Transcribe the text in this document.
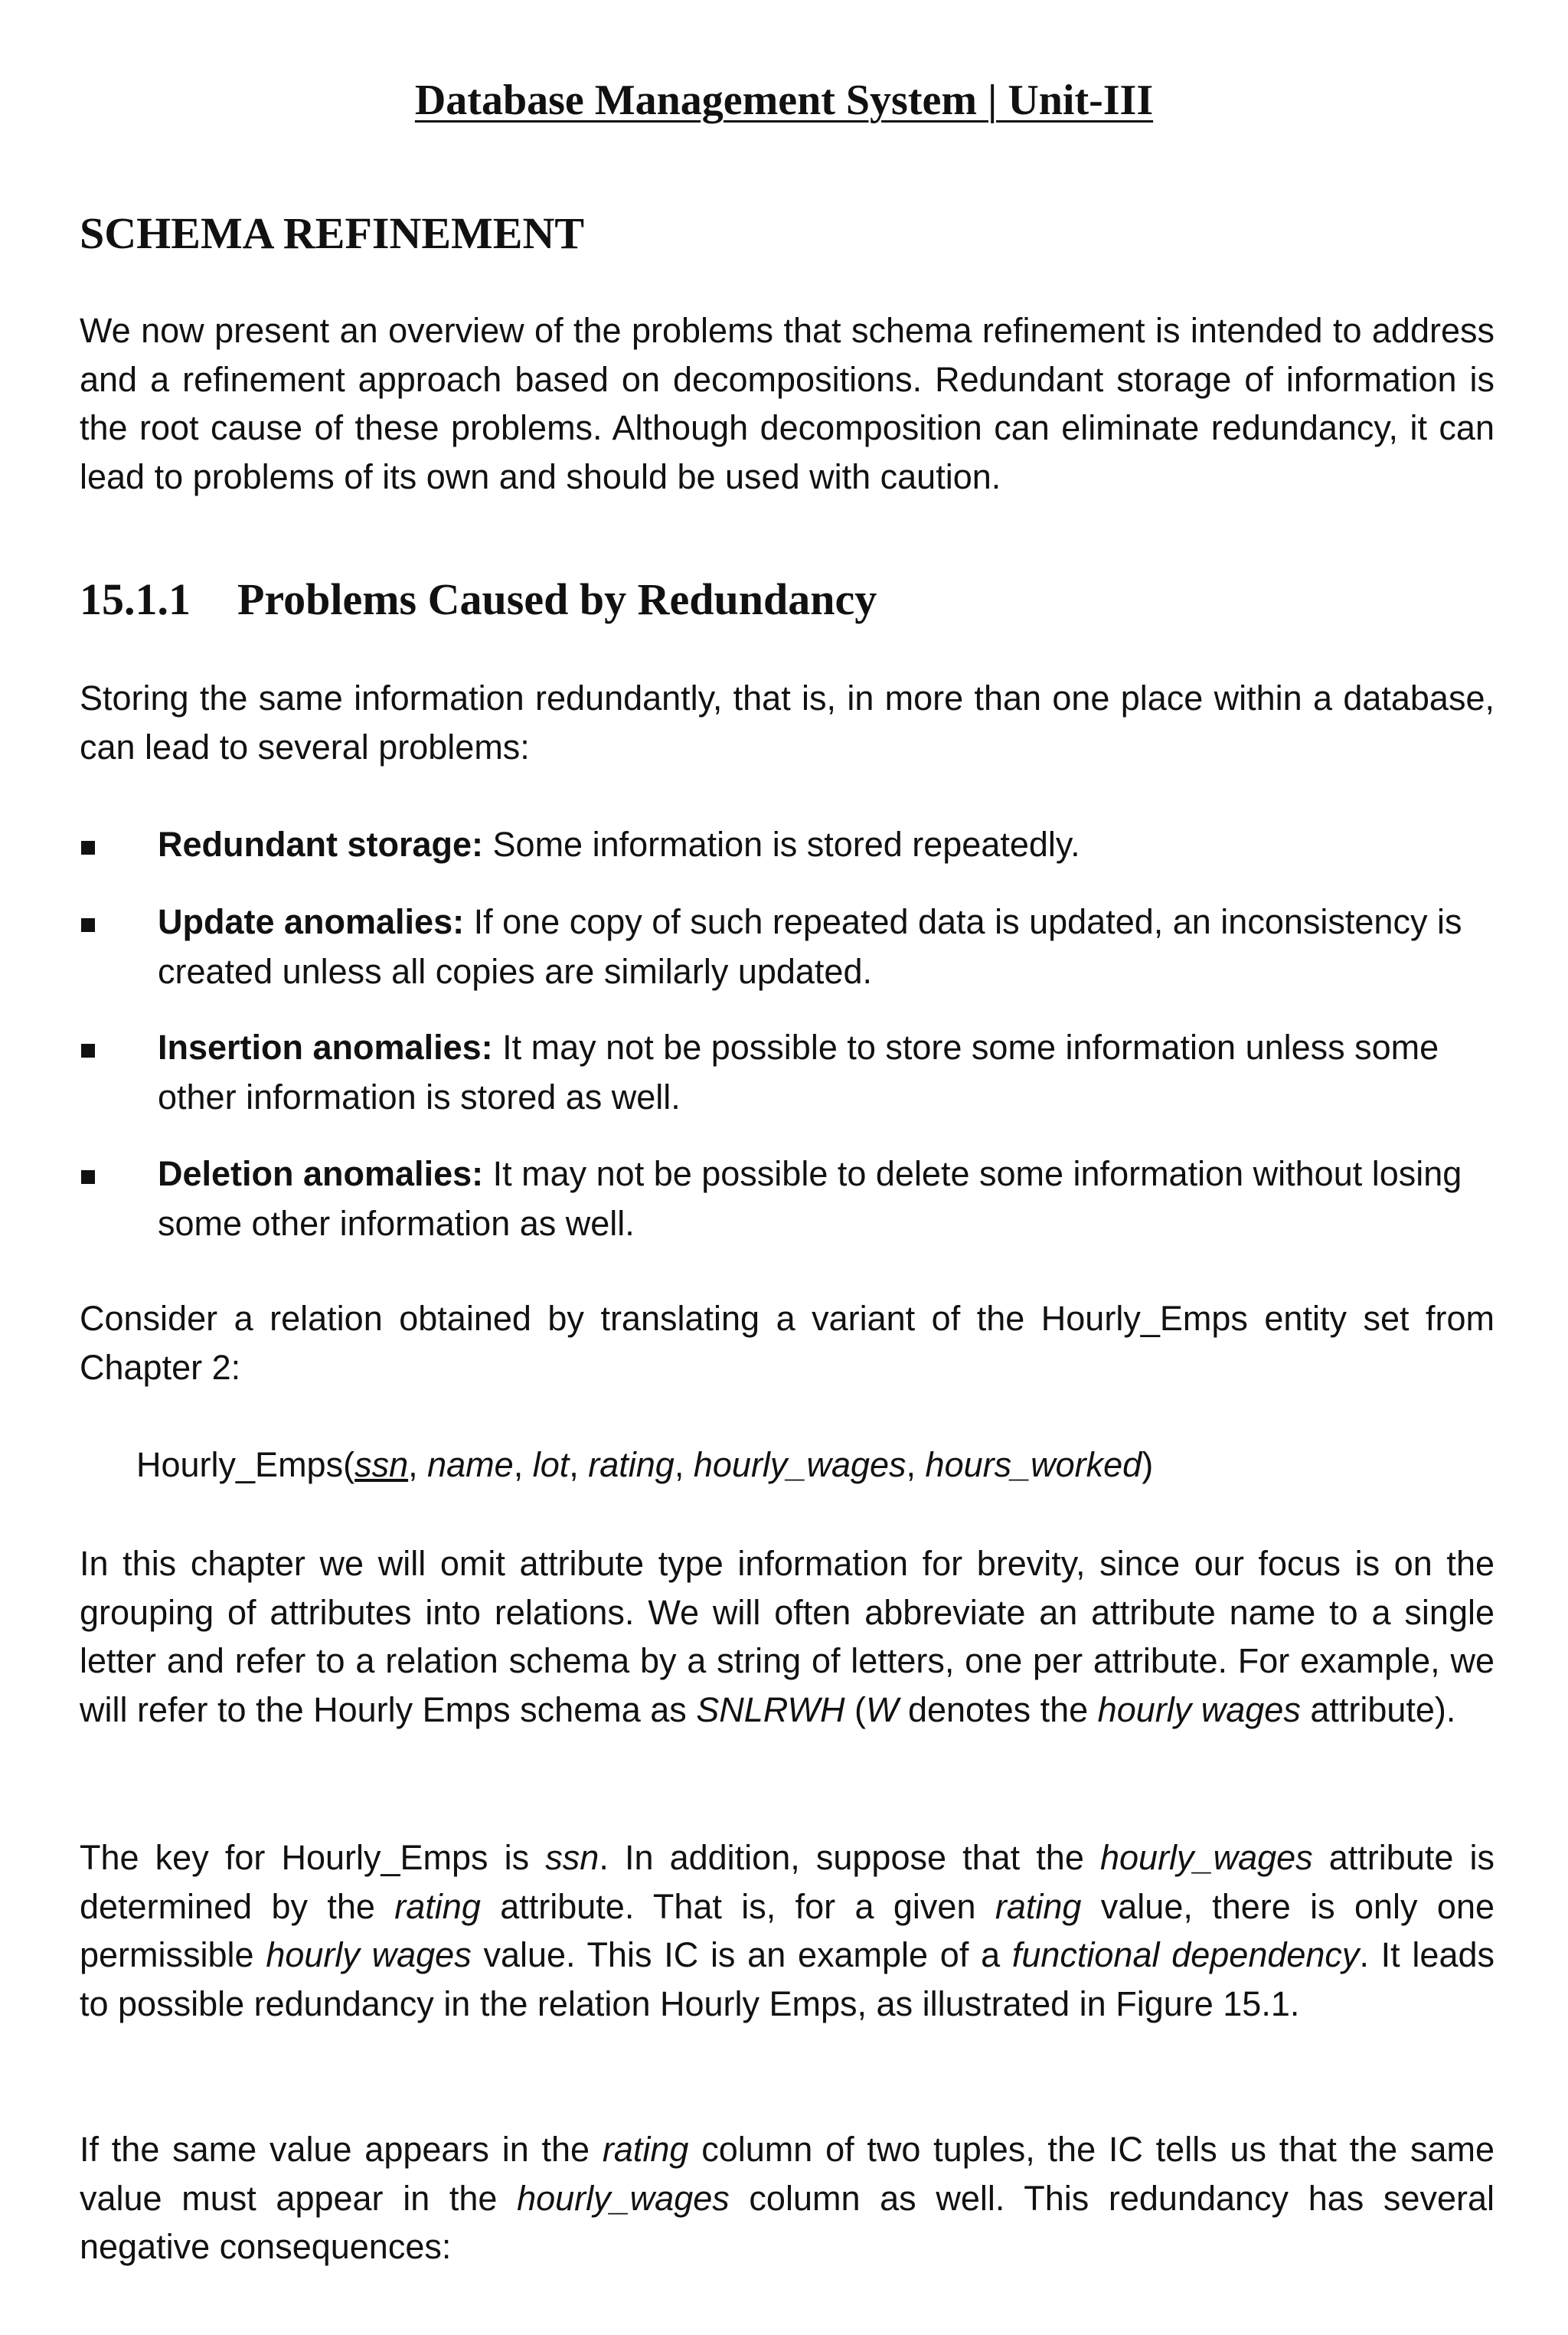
Database Management System | Unit-III
SCHEMA REFINEMENT

We now present an overview of the problems that schema refinement is intended to address and a refinement approach based on decompositions. Redundant storage of information is the root cause of these problems. Although decomposition can eliminate redundancy, it can lead to problems of its own and should be used with caution.

15.1.1 Problems Caused by Redundancy

Storing the same information redundantly, that is, in more than one place within a database, can lead to several problems:

Redundant storage: Some information is stored repeatedly.
Update anomalies: If one copy of such repeated data is updated, an inconsistency is created unless all copies are similarly updated.
Insertion anomalies: It may not be possible to store some information unless some other information is stored as well.
Deletion anomalies: It may not be possible to delete some information without losing some other information as well.

Consider a relation obtained by translating a variant of the Hourly_Emps entity set from Chapter 2:

Hourly_Emps(ssn, name, lot, rating, hourly_wages, hours_worked)

In this chapter we will omit attribute type information for brevity, since our focus is on the grouping of attributes into relations. We will often abbreviate an attribute name to a single letter and refer to a relation schema by a string of letters, one per attribute. For example, we will refer to the Hourly Emps schema as SNLRWH (W denotes the hourly wages attribute).

The key for Hourly_Emps is ssn. In addition, suppose that the hourly_wages attribute is determined by the rating attribute. That is, for a given rating value, there is only one permissible hourly wages value. This IC is an example of a functional dependency. It leads to possible redundancy in the relation Hourly Emps, as illustrated in Figure 15.1.

If the same value appears in the rating column of two tuples, the IC tells us that the same value must appear in the hourly_wages column as well. This redundancy has several negative consequences:
